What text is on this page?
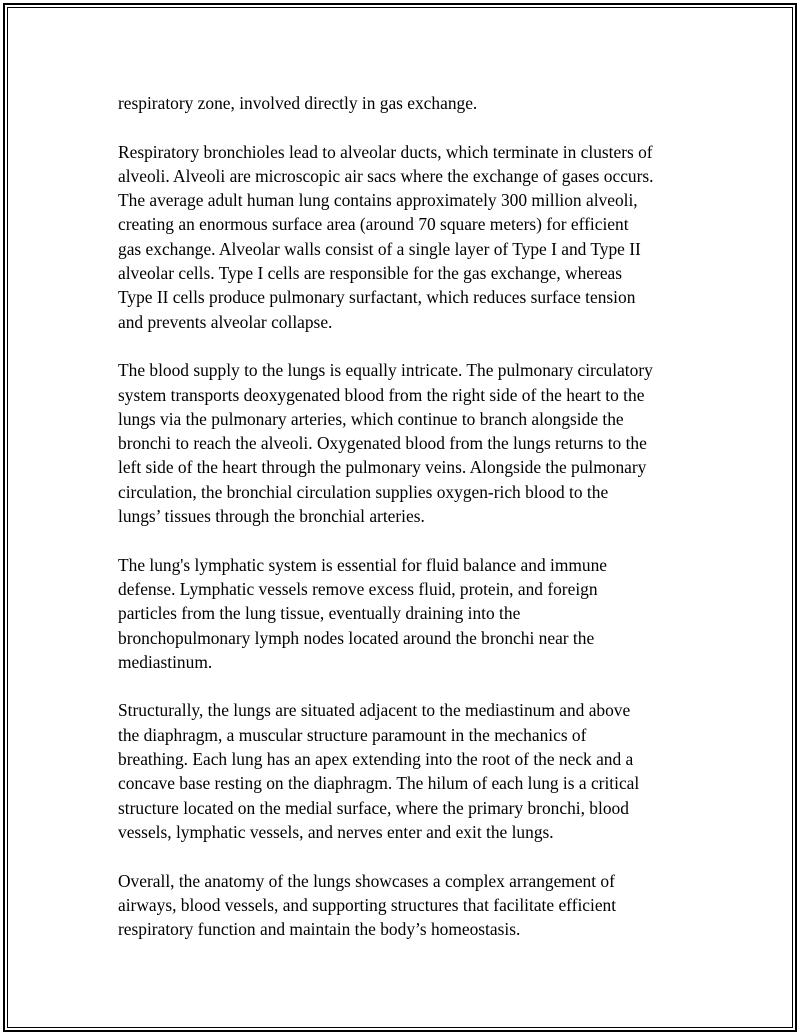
respiratory zone, involved directly in gas exchange.

Respiratory bronchioles lead to alveolar ducts, which terminate in clusters of
alveoli. Alveoli are microscopic air sacs where the exchange of gases occurs.
The average adult human lung contains approximately 300 million alveoli,
creating an enormous surface area (around 70 square meters) for efficient
gas exchange. Alveolar walls consist of a single layer of Type I and Type II
alveolar cells. Type I cells are responsible for the gas exchange, whereas
Type II cells produce pulmonary surfactant, which reduces surface tension
and prevents alveolar collapse.

The blood supply to the lungs is equally intricate. The pulmonary circulatory
system transports deoxygenated blood from the right side of the heart to the
lungs via the pulmonary arteries, which continue to branch alongside the
bronchi to reach the alveoli. Oxygenated blood from the lungs returns to the
left side of the heart through the pulmonary veins. Alongside the pulmonary
circulation, the bronchial circulation supplies oxygen-rich blood to the
lungs’ tissues through the bronchial arteries.

The lung's lymphatic system is essential for fluid balance and immune
defense. Lymphatic vessels remove excess fluid, protein, and foreign
particles from the lung tissue, eventually draining into the
bronchopulmonary lymph nodes located around the bronchi near the
mediastinum.

Structurally, the lungs are situated adjacent to the mediastinum and above
the diaphragm, a muscular structure paramount in the mechanics of
breathing. Each lung has an apex extending into the root of the neck and a
concave base resting on the diaphragm. The hilum of each lung is a critical
structure located on the medial surface, where the primary bronchi, blood
vessels, lymphatic vessels, and nerves enter and exit the lungs.

Overall, the anatomy of the lungs showcases a complex arrangement of
airways, blood vessels, and supporting structures that facilitate efficient
respiratory function and maintain the body’s homeostasis.
